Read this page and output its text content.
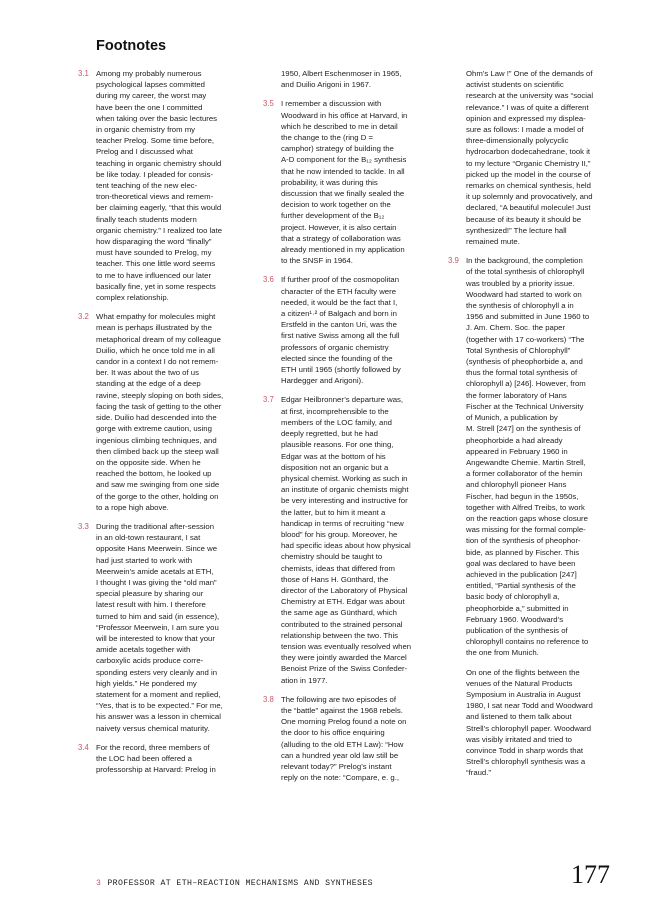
Footnotes
3.1 Among my probably numerous
psychological lapses committed
during my career, the worst may
have been the one I committed
when taking over the basic lectures
in organic chemistry from my
teacher Prelog. Some time before,
Prelog and I discussed what
teaching in organic chemistry should
be like today. I pleaded for consis-
tent teaching of the new elec-
tron-theoretical views and remem-
ber claiming eagerly, “that this would
finally teach students modern
organic chemistry.” I realized too late
how disparaging the word “finally”
must have sounded to Prelog, my
teacher. This one little word seems
to me to have influenced our later
basically fine, yet in some respects
complex relationship.

3.2 What empathy for molecules might
mean is perhaps illustrated by the
metaphorical dream of my colleague
Duilio, which he once told me in all
candor in a context I do not remem-
ber. It was about the two of us
standing at the edge of a deep
ravine, steeply sloping on both sides,
facing the task of getting to the other
side. Duilio had descended into the
gorge with extreme caution, using
ingenious climbing techniques, and
then climbed back up the steep wall
on the opposite side. When he
reached the bottom, he looked up
and saw me swinging from one side
of the gorge to the other, holding on
to a rope high above.

3.3 During the traditional after-session
in an old-town restaurant, I sat
opposite Hans Meerwein. Since we
had just started to work with
Meerwein’s amide acetals at ETH,
I thought I was giving the “old man”
special pleasure by sharing our
latest result with him. I therefore
turned to him and said (in essence),
“Professor Meerwein, I am sure you
will be interested to know that your
amide acetals together with
carboxylic acids produce corre-
sponding esters very cleanly and in
high yields.” He pondered my
statement for a moment and replied,
“Yes, that is to be expected.” For me,
his answer was a lesson in chemical
naivety versus chemical maturity.

3.4 For the record, three members of
the LOC had been offered a
professorship at Harvard: Prelog in

1950, Albert Eschenmoser in 1965,
and Duilio Arigoni in 1967.

3.5 I remember a discussion with
Woodward in his office at Harvard, in
which he described to me in detail
the change to the (ring D =
camphor) strategy of building the
A-D component for the B₁₂ synthesis
that he now intended to tackle. In all
probability, it was during this
discussion that we finally sealed the
decision to work together on the
further development of the B₁₂
project. However, it is also certain
that a strategy of collaboration was
already mentioned in my application
to the SNSF in 1964.

3.6 If further proof of the cosmopolitan
character of the ETH faculty were
needed, it would be the fact that I,
a citizen¹·² of Balgach and born in
Erstfeld in the canton Uri, was the
first native Swiss among all the full
professors of organic chemistry
elected since the founding of the
ETH until 1965 (shortly followed by
Hardegger and Arigoni).

3.7 Edgar Heilbronner’s departure was,
at first, incomprehensible to the
members of the LOC family, and
deeply regretted, but he had
plausible reasons. For one thing,
Edgar was at the bottom of his
disposition not an organic but a
physical chemist. Working as such in
an institute of organic chemists might
be very interesting and instructive for
the latter, but to him it meant a
handicap in terms of recruiting “new
blood” for his group. Moreover, he
had specific ideas about how physical
chemistry should be taught to
chemists, ideas that differed from
those of Hans H. Günthard, the
director of the Laboratory of Physical
Chemistry at ETH. Edgar was about
the same age as Günthard, which
contributed to the strained personal
relationship between the two. This
tension was eventually resolved when
they were jointly awarded the Marcel
Benoist Prize of the Swiss Confeder-
ation in 1977.

3.8 The following are two episodes of
the “battle” against the 1968 rebels.
One morning Prelog found a note on
the door to his office enquiring
(alluding to the old ETH Law): “How
can a hundred year old law still be
relevant today?” Prelog’s instant
reply on the note: “Compare, e. g.,

Ohm’s Law !” One of the demands of
activist students on scientific
research at the university was “social
relevance.” I was of quite a different
opinion and expressed my displea-
sure as follows: I made a model of
three-dimensionally polycyclic
hydrocarbon dodecahedrane, took it
to my lecture “Organic Chemistry II,”
picked up the model in the course of
remarks on chemical synthesis, held
it up solemnly and provocatively, and
declared, “A beautiful molecule! Just
because of its beauty it should be
synthesized!” The lecture hall
remained mute.

3.9 In the background, the completion
of the total synthesis of chlorophyll
was troubled by a priority issue.
Woodward had started to work on
the synthesis of chlorophyll a in
1956 and submitted in June 1960 to
J. Am. Chem. Soc. the paper
(together with 17 co-workers) “The
Total Synthesis of Chlorophyll”
(synthesis of pheophorbide a, and
thus the formal total synthesis of
chlorophyll a) [246]. However, from
the former laboratory of Hans
Fischer at the Technical University
of Munich, a publication by
M. Strell [247] on the synthesis of
pheophorbide a had already
appeared in February 1960 in
Angewandte Chemie. Martin Strell,
a former collaborator of the hemin
and chlorophyll pioneer Hans
Fischer, had begun in the 1950s,
together with Alfred Treibs, to work
on the reaction gaps whose closure
was missing for the formal comple-
tion of the synthesis of pheophor-
bide, as planned by Fischer. This
goal was declared to have been
achieved in the publication [247]
entitled, “Partial synthesis of the
basic body of chlorophyll a,
pheophorbide a,” submitted in
February 1960. Woodward’s
publication of the synthesis of
chlorophyll contains no reference to
the one from Munich.

On one of the flights between the
venues of the Natural Products
Symposium in Australia in August
1980, I sat near Todd and Woodward
and listened to them talk about
Strell’s chlorophyll paper. Woodward
was visibly irritated and tried to
convince Todd in sharp words that
Strell’s chlorophyll synthesis was a
“fraud.”

3 PROFESSOR AT ETH–REACTION MECHANISMS AND SYNTHESES	177
